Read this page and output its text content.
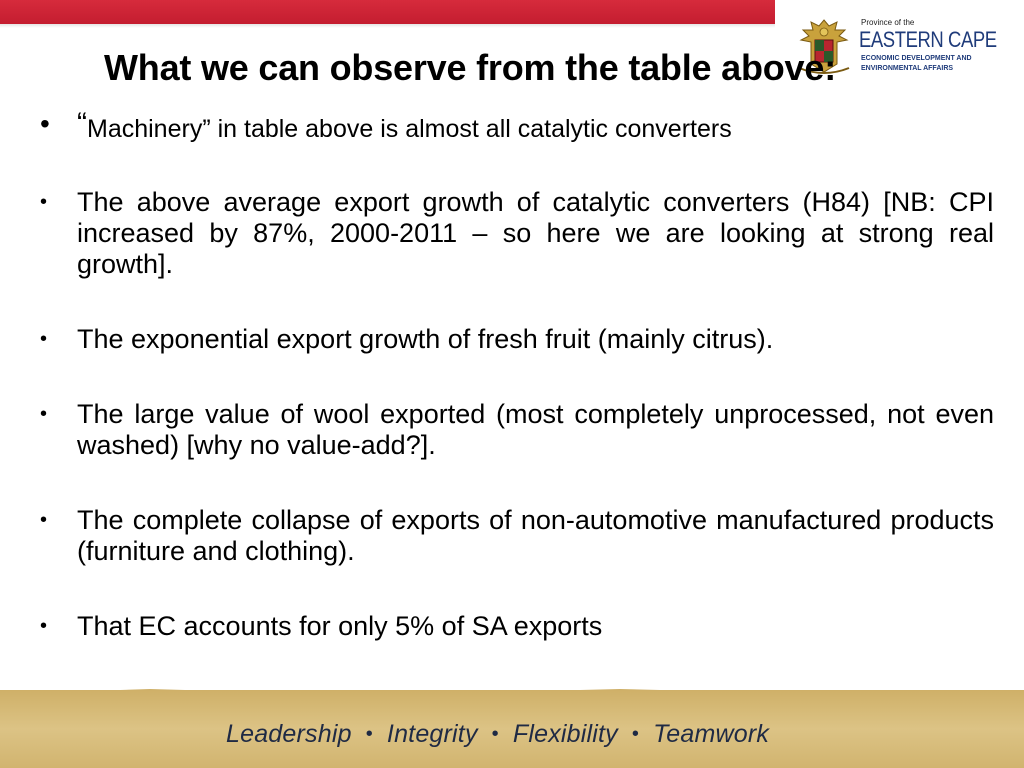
Province of the
EASTERN CAPE
ECONOMIC DEVELOPMENT AND
ENVIRONMENTAL AFFAIRS
What we can observe from the table above:
• “Machinery” in table above is almost all catalytic converters
• The above average export growth of catalytic converters (H84) [NB: CPI increased by 87%, 2000-2011 – so here we are looking at strong real growth].
• The exponential export growth of fresh fruit (mainly citrus).
• The large value of wool exported (most completely unprocessed, not even washed) [why no value-add?].
• The complete collapse of exports of non-automotive manufactured products (furniture and clothing).
• That EC accounts for only 5% of SA exports
Leadership • Integrity • Flexibility • Teamwork
